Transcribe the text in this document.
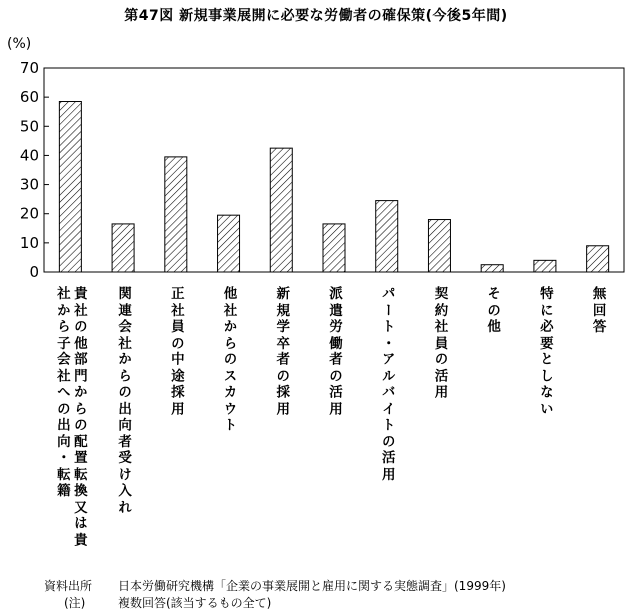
第47図 新規事業展開に必要な労働者の確保策(今後5年間)
(%)
0
10
20
30
40
50
60
70
貴社の他部門からの配置転換又は貴
社から子会社への出向・転籍
関連会社からの出向者受け入れ
正社員の中途採用
他社からのスカウト
新規学卒者の採用
派遣労働者の活用
パート・アルバイトの活用
契約社員の活用
その他
特に必要としない
無回答
資料出所 日本労働研究機構「企業の事業展開と雇用に関する実態調査」(1999年)
(注)	複数回答(該当するもの全て)
